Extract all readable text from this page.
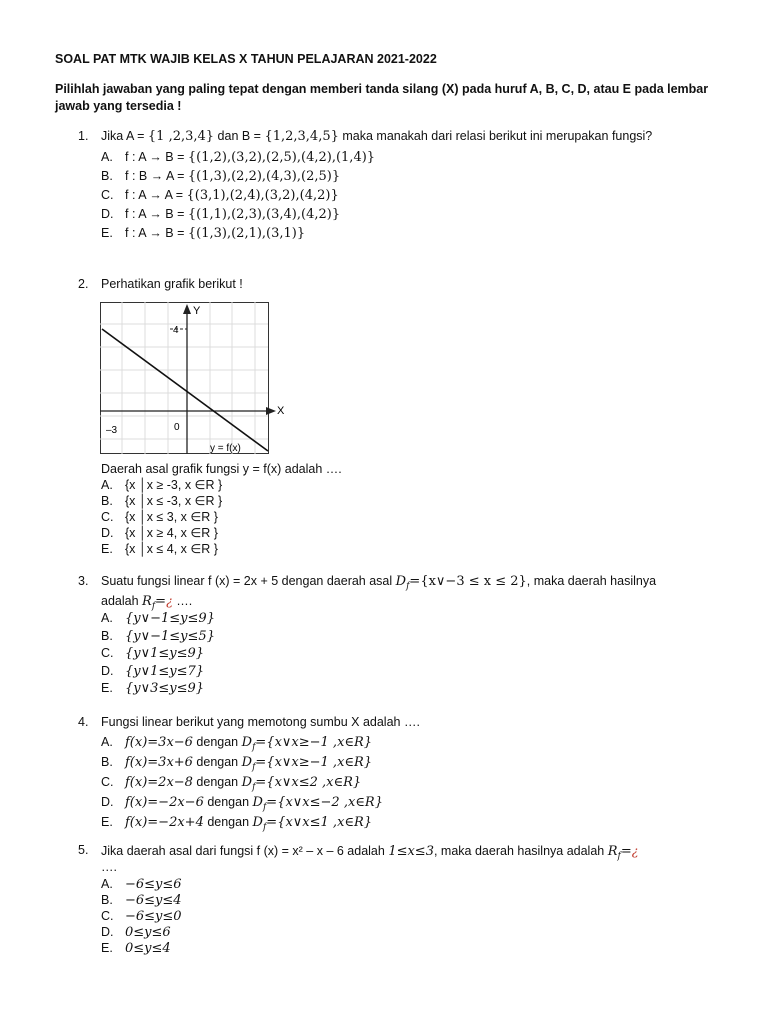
SOAL PAT MTK WAJIB KELAS X TAHUN PELAJARAN 2021-2022
Pilihlah jawaban yang paling tepat dengan memberi tanda silang (X) pada huruf A, B, C, D, atau E pada lembar jawab yang tersedia !
1. Jika A = {1 ,2,3,4} dan B = {1,2,3,4,5} maka manakah dari relasi berikut ini merupakan fungsi?
A. f : A → B = {(1,2),(3,2),(2,5),(4,2),(1,4)}
B. f : B → A = {(1,3),(2,2),(4,3),(2,5)}
C. f : A → A = {(3,1),(2,4),(3,2),(4,2)}
D. f : A → B = {(1,1),(2,3),(3,4),(4,2)}
E. f : A → B = {(1,3),(2,1),(3,1)}
2. Perhatikan grafik berikut !
Y
X
4
–3	0
y = f(x)
Daerah asal grafik fungsi y = f(x) adalah ….
A. {x │x ≥ -3, x ∈R }
B. {x │x ≤ -3, x ∈R }
C. {x │x ≤ 3, x ∈R }
D. {x │x ≥ 4, x ∈R }
E. {x │x ≤ 4, x ∈R }
3. Suatu fungsi linear f (x) = 2x + 5 dengan daerah asal $D_f=\{x\vee-3 \le x \le 2\}$, maka daerah hasilnya
adalah $R_f=¿$ ….
A. {y∨−1≤y≤9}
B. {y∨−1≤y≤5}
C. {y∨1≤y≤9}
D. {y∨1≤y≤7}
E. {y∨3≤y≤9}
4. Fungsi linear berikut yang memotong sumbu X adalah ….
A. f(x)=3x−6 dengan $D_f=\{x\vee x\ge-1$ ,x∈R}
B. f(x)=3x+6 dengan $D_f=\{x\vee x\ge-1$ ,x∈R}
C. f(x)=2x−8 dengan $D_f=\{x\vee x\le 2$ ,x∈R}
D. f(x)=−2x−6 dengan $D_f=\{x\vee x\le-2$ ,x∈R}
E. f(x)=−2x+4 dengan $D_f=\{x\vee x\le 1$ ,x∈R}
5. Jika daerah asal dari fungsi f (x) = x² – x – 6 adalah 1≤x≤3, maka daerah hasilnya adalah $R_f=¿$
….
A. −6≤y≤6
B. −6≤y≤4
C. −6≤y≤0
D. 0≤y≤6
E. 0≤y≤4
